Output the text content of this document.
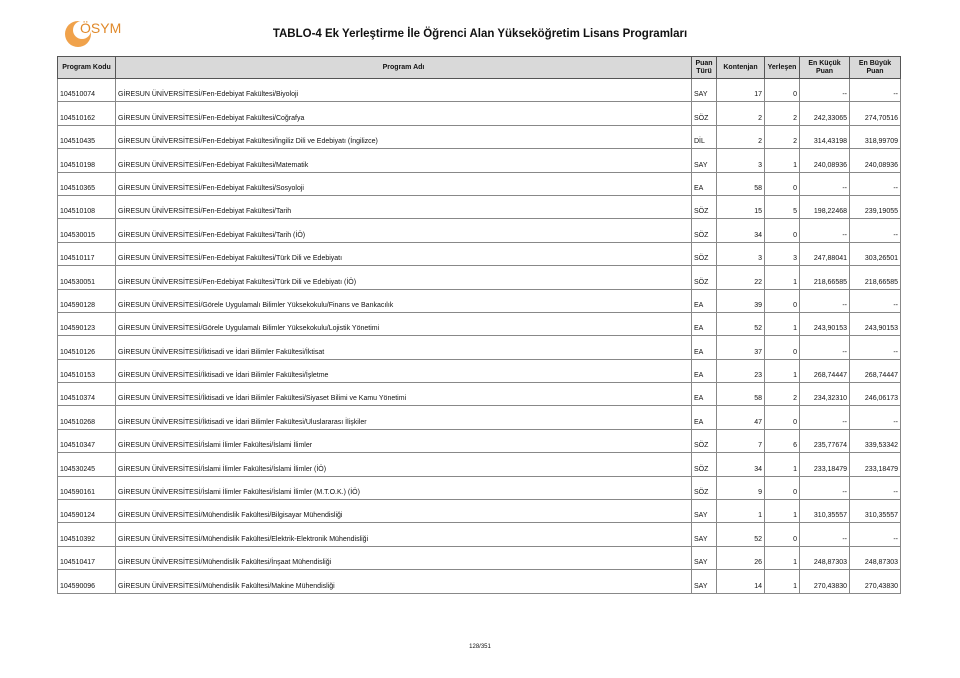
ÖSYM	TABLO-4 Ek Yerleştirme İle Öğrenci Alan Yükseköğretim Lisans Programları
Program Kodu	Program Adı	Puan Türü	Kontenjan	Yerleşen	En Küçük Puan	En Büyük Puan
104510074	GİRESUN ÜNİVERSİTESİ/Fen-Edebiyat Fakültesi/Biyoloji	SAY	17	0	--	--
104510162	GİRESUN ÜNİVERSİTESİ/Fen-Edebiyat Fakültesi/Coğrafya	SÖZ	2	2	242,33065	274,70516
104510435	GİRESUN ÜNİVERSİTESİ/Fen-Edebiyat Fakültesi/İngiliz Dili ve Edebiyatı (İngilizce)	DİL	2	2	314,43198	318,99709
104510198	GİRESUN ÜNİVERSİTESİ/Fen-Edebiyat Fakültesi/Matematik	SAY	3	1	240,08936	240,08936
104510365	GİRESUN ÜNİVERSİTESİ/Fen-Edebiyat Fakültesi/Sosyoloji	EA	58	0	--	--
104510108	GİRESUN ÜNİVERSİTESİ/Fen-Edebiyat Fakültesi/Tarih	SÖZ	15	5	198,22468	239,19055
104530015	GİRESUN ÜNİVERSİTESİ/Fen-Edebiyat Fakültesi/Tarih (İÖ)	SÖZ	34	0	--	--
104510117	GİRESUN ÜNİVERSİTESİ/Fen-Edebiyat Fakültesi/Türk Dili ve Edebiyatı	SÖZ	3	3	247,88041	303,26501
104530051	GİRESUN ÜNİVERSİTESİ/Fen-Edebiyat Fakültesi/Türk Dili ve Edebiyatı (İÖ)	SÖZ	22	1	218,66585	218,66585
104590128	GİRESUN ÜNİVERSİTESİ/Görele Uygulamalı Bilimler Yüksekokulu/Finans ve Bankacılık	EA	39	0	--	--
104590123	GİRESUN ÜNİVERSİTESİ/Görele Uygulamalı Bilimler Yüksekokulu/Lojistik Yönetimi	EA	52	1	243,90153	243,90153
104510126	GİRESUN ÜNİVERSİTESİ/İktisadi ve İdari Bilimler Fakültesi/İktisat	EA	37	0	--	--
104510153	GİRESUN ÜNİVERSİTESİ/İktisadi ve İdari Bilimler Fakültesi/İşletme	EA	23	1	268,74447	268,74447
104510374	GİRESUN ÜNİVERSİTESİ/İktisadi ve İdari Bilimler Fakültesi/Siyaset Bilimi ve Kamu Yönetimi	EA	58	2	234,32310	246,06173
104510268	GİRESUN ÜNİVERSİTESİ/İktisadi ve İdari Bilimler Fakültesi/Uluslararası İlişkiler	EA	47	0	--	--
104510347	GİRESUN ÜNİVERSİTESİ/İslami İlimler Fakültesi/İslami İlimler	SÖZ	7	6	235,77674	339,53342
104530245	GİRESUN ÜNİVERSİTESİ/İslami İlimler Fakültesi/İslami İlimler (İÖ)	SÖZ	34	1	233,18479	233,18479
104590161	GİRESUN ÜNİVERSİTESİ/İslami İlimler Fakültesi/İslami İlimler (M.T.O.K.) (İÖ)	SÖZ	9	0	--	--
104590124	GİRESUN ÜNİVERSİTESİ/Mühendislik Fakültesi/Bilgisayar Mühendisliği	SAY	1	1	310,35557	310,35557
104510392	GİRESUN ÜNİVERSİTESİ/Mühendislik Fakültesi/Elektrik-Elektronik Mühendisliği	SAY	52	0	--	--
104510417	GİRESUN ÜNİVERSİTESİ/Mühendislik Fakültesi/İnşaat Mühendisliği	SAY	26	1	248,87303	248,87303
104590096	GİRESUN ÜNİVERSİTESİ/Mühendislik Fakültesi/Makine Mühendisliği	SAY	14	1	270,43830	270,43830
128/351
